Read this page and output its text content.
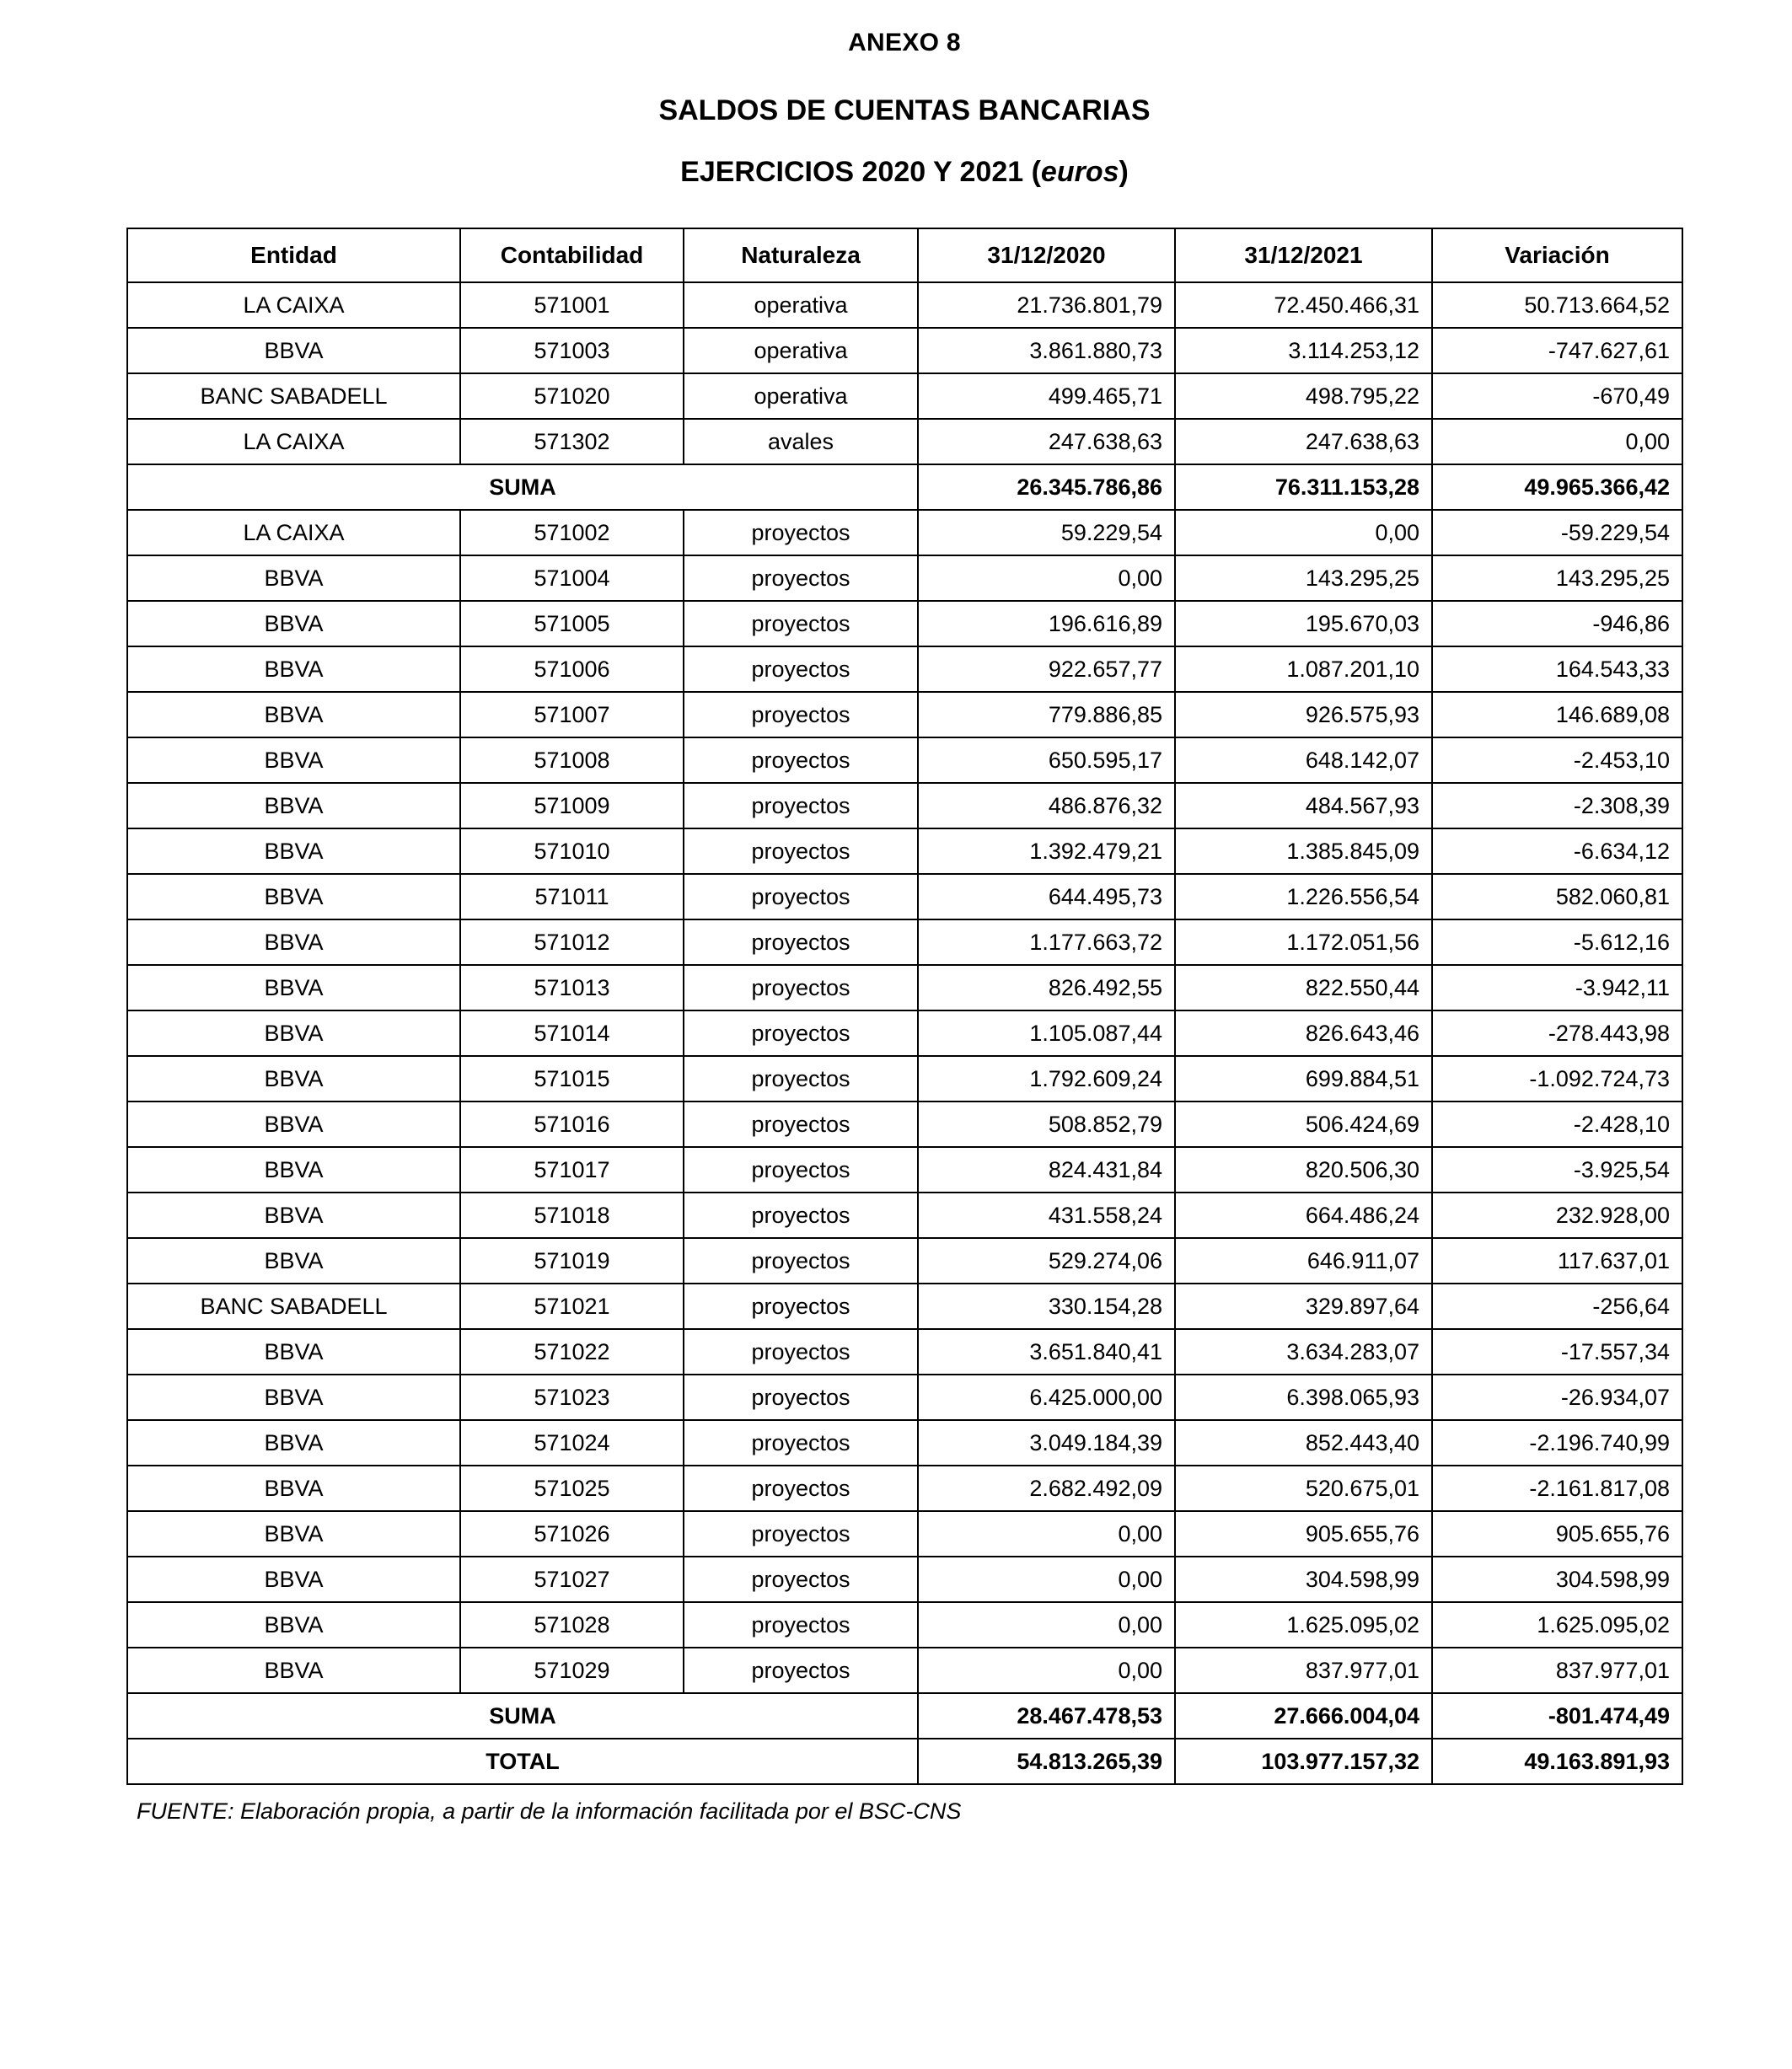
ANEXO 8
SALDOS DE CUENTAS BANCARIAS
EJERCICIOS 2020 Y 2021 (euros)
Entidad	Contabilidad	Naturaleza	31/12/2020	31/12/2021	Variación
LA CAIXA	571001	operativa	21.736.801,79	72.450.466,31	50.713.664,52
BBVA	571003	operativa	3.861.880,73	3.114.253,12	-747.627,61
BANC SABADELL	571020	operativa	499.465,71	498.795,22	-670,49
LA CAIXA	571302	avales	247.638,63	247.638,63	0,00
SUMA			26.345.786,86	76.311.153,28	49.965.366,42
LA CAIXA	571002	proyectos	59.229,54	0,00	-59.229,54
BBVA	571004	proyectos	0,00	143.295,25	143.295,25
BBVA	571005	proyectos	196.616,89	195.670,03	-946,86
BBVA	571006	proyectos	922.657,77	1.087.201,10	164.543,33
BBVA	571007	proyectos	779.886,85	926.575,93	146.689,08
BBVA	571008	proyectos	650.595,17	648.142,07	-2.453,10
BBVA	571009	proyectos	486.876,32	484.567,93	-2.308,39
BBVA	571010	proyectos	1.392.479,21	1.385.845,09	-6.634,12
BBVA	571011	proyectos	644.495,73	1.226.556,54	582.060,81
BBVA	571012	proyectos	1.177.663,72	1.172.051,56	-5.612,16
BBVA	571013	proyectos	826.492,55	822.550,44	-3.942,11
BBVA	571014	proyectos	1.105.087,44	826.643,46	-278.443,98
BBVA	571015	proyectos	1.792.609,24	699.884,51	-1.092.724,73
BBVA	571016	proyectos	508.852,79	506.424,69	-2.428,10
BBVA	571017	proyectos	824.431,84	820.506,30	-3.925,54
BBVA	571018	proyectos	431.558,24	664.486,24	232.928,00
BBVA	571019	proyectos	529.274,06	646.911,07	117.637,01
BANC SABADELL	571021	proyectos	330.154,28	329.897,64	-256,64
BBVA	571022	proyectos	3.651.840,41	3.634.283,07	-17.557,34
BBVA	571023	proyectos	6.425.000,00	6.398.065,93	-26.934,07
BBVA	571024	proyectos	3.049.184,39	852.443,40	-2.196.740,99
BBVA	571025	proyectos	2.682.492,09	520.675,01	-2.161.817,08
BBVA	571026	proyectos	0,00	905.655,76	905.655,76
BBVA	571027	proyectos	0,00	304.598,99	304.598,99
BBVA	571028	proyectos	0,00	1.625.095,02	1.625.095,02
BBVA	571029	proyectos	0,00	837.977,01	837.977,01
SUMA			28.467.478,53	27.666.004,04	-801.474,49
TOTAL			54.813.265,39	103.977.157,32	49.163.891,93
FUENTE: Elaboración propia, a partir de la información facilitada por el BSC-CNS
